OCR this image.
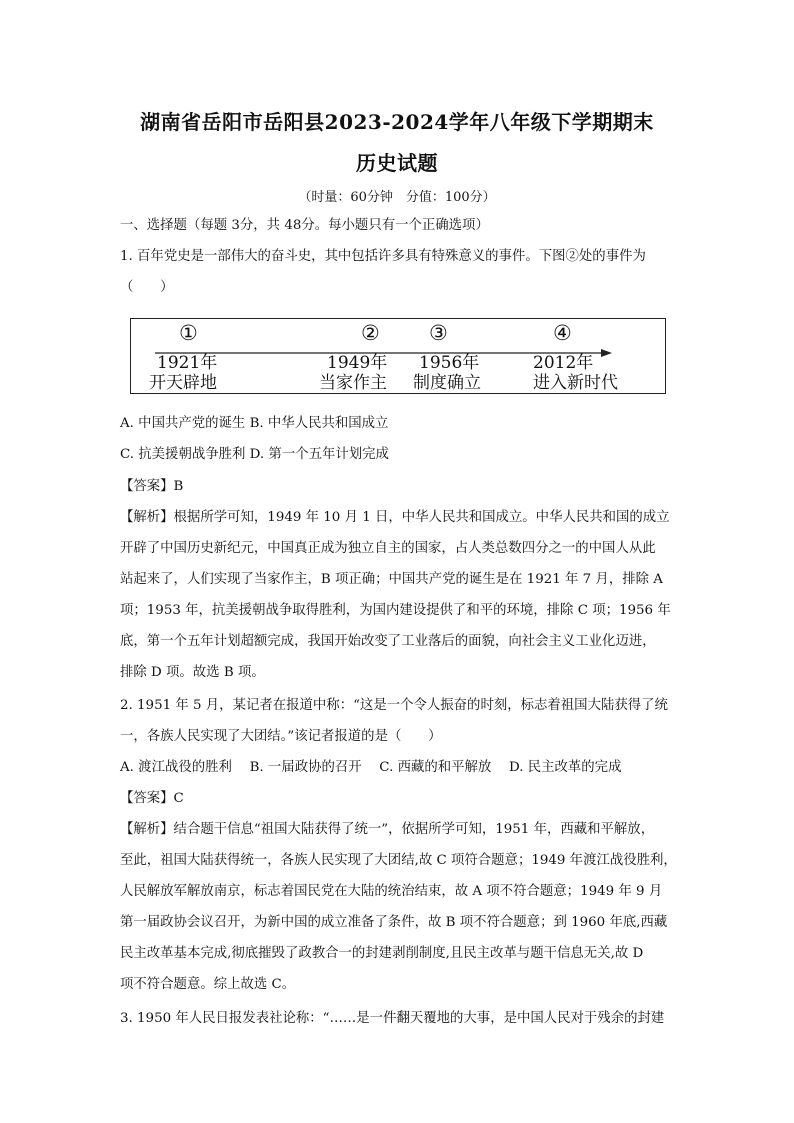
湖南省岳阳市岳阳县2023-2024学年八年级下学期期末
历史试题
（时量：60分钟　分值：100分）
一、选择题（每题 3分，共 48分。每小题只有一个正确选项）
1. 百年党史是一部伟大的奋斗史，其中包括许多具有特殊意义的事件。下图②处的事件为
（　　）
①	② ③	④
1921年	1949年 1956年	2012年
开天辟地	当家作主 制度确立	进入新时代
A. 中国共产党的诞生 B. 中华人民共和国成立
C. 抗美援朝战争胜利 D. 第一个五年计划完成
【答案】B
【解析】根据所学可知，1949 年 10 月 1 日，中华人民共和国成立。中华人民共和国的成立
开辟了中国历史新纪元，中国真正成为独立自主的国家，占人类总数四分之一的中国人从此
站起来了，人们实现了当家作主，B 项正确；中国共产党的诞生是在 1921 年 7 月，排除 A
项；1953 年，抗美援朝战争取得胜利，为国内建设提供了和平的环境，排除 C 项；1956 年
底，第一个五年计划超额完成，我国开始改变了工业落后的面貌，向社会主义工业化迈进，
排除 D 项。故选 B 项。
2. 1951 年 5 月，某记者在报道中称：“这是一个令人振奋的时刻，标志着祖国大陆获得了统
一，各族人民实现了大团结。”该记者报道的是（　　）
A. 渡江战役的胜利　 B. 一届政协的召开　 C. 西藏的和平解放　 D. 民主改革的完成
【答案】C
【解析】结合题干信息“祖国大陆获得了统一”，依据所学可知，1951 年，西藏和平解放，
至此，祖国大陆获得统一，各族人民实现了大团结,故 C 项符合题意；1949 年渡江战役胜利，
人民解放军解放南京，标志着国民党在大陆的统治结束，故 A 项不符合题意；1949 年 9 月
第一届政协会议召开，为新中国的成立准备了条件，故 B 项不符合题意；到 1960 年底,西藏
民主改革基本完成,彻底摧毁了政教合一的封建剥削制度,且民主改革与题干信息无关,故 D
项不符合题意。综上故选 C。
3. 1950 年人民日报发表社论称：“……是一件翻天覆地的大事，是中国人民对于残余的封建
